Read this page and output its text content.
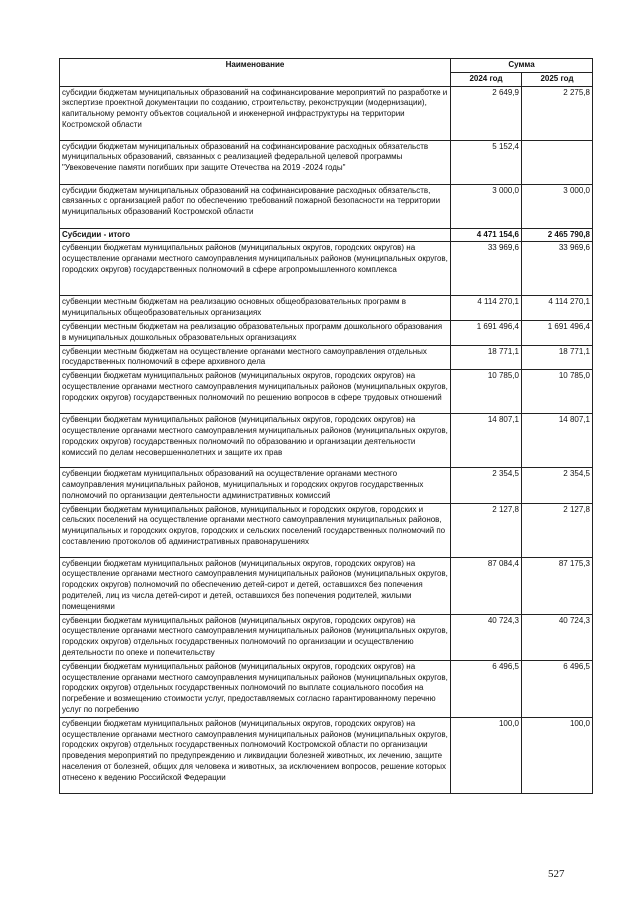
Наименование	Сумма	
	2024 год	2025 год
субсидии бюджетам муниципальных образований на софинансирование мероприятий по разработке и экспертизе проектной документации по созданию, строительству, реконструкции (модернизации), капитальному ремонту объектов социальной и инженерной инфраструктуры на территории Костромской области	2 649,9	2 275,8
субсидии бюджетам муниципальных образований на софинансирование расходных обязательств муниципальных образований, связанных с реализацией федеральной целевой программы "Увековечение памяти погибших при защите Отечества на 2019 -2024 годы"	5 152,4	
субсидии бюджетам муниципальных образований на софинансирование расходных обязательств, связанных с организацией работ по обеспечению требований пожарной безопасности на территории муниципальных образований Костромской области	3 000,0	3 000,0
Субсидии - итого	4 471 154,6	2 465 790,8
субвенции бюджетам муниципальных районов (муниципальных округов, городских округов) на осуществление органами местного самоуправления муниципальных районов (муниципальных округов, городских округов) государственных полномочий в сфере агропромышленного комплекса	33 969,6	33 969,6
субвенции местным бюджетам на реализацию основных общеобразовательных программ в муниципальных общеобразовательных организациях	4 114 270,1	4 114 270,1
субвенции местным бюджетам на реализацию образовательных программ дошкольного образования в муниципальных дошкольных образовательных организациях	1 691 496,4	1 691 496,4
субвенции местным бюджетам на осуществление органами местного самоуправления отдельных государственных полномочий в сфере архивного дела	18 771,1	18 771,1
субвенции бюджетам муниципальных районов (муниципальных округов, городских округов) на осуществление органами местного самоуправления муниципальных районов (муниципальных округов, городских округов) государственных полномочий по решению вопросов в сфере трудовых отношений	10 785,0	10 785,0
субвенции бюджетам муниципальных районов (муниципальных округов, городских округов) на осуществление органами местного самоуправления муниципальных районов (муниципальных округов, городских округов) государственных полномочий по образованию и организации деятельности комиссий по делам несовершеннолетних и защите их прав	14 807,1	14 807,1
субвенции бюджетам муниципальных образований на осуществление органами местного самоуправления муниципальных районов, муниципальных и городских округов государственных полномочий по организации деятельности административных комиссий	2 354,5	2 354,5
субвенции бюджетам муниципальных районов, муниципальных и городских округов, городских и сельских поселений на осуществление органами местного самоуправления муниципальных районов, муниципальных и городских округов, городских и сельских поселений государственных полномочий по составлению протоколов об административных правонарушениях	2 127,8	2 127,8
субвенции бюджетам муниципальных районов (муниципальных округов, городских округов) на осуществление органами местного самоуправления муниципальных районов (муниципальных округов, городских округов) полномочий по обеспечению детей-сирот и детей, оставшихся без попечения родителей, лиц из числа детей-сирот и детей, оставшихся без попечения родителей, жилыми помещениями	87 084,4	87 175,3
субвенции бюджетам муниципальных районов (муниципальных округов, городских округов) на осуществление органами местного самоуправления муниципальных районов (муниципальных округов, городских округов) отдельных государственных полномочий по организации и осуществлению деятельности по опеке и попечительству	40 724,3	40 724,3
субвенции бюджетам муниципальных районов (муниципальных округов, городских округов) на осуществление органами местного самоуправления муниципальных районов (муниципальных округов, городских округов) отдельных государственных полномочий по выплате социального пособия на погребение и возмещению стоимости услуг, предоставляемых согласно гарантированному перечню услуг по погребению	6 496,5	6 496,5
субвенции бюджетам муниципальных районов (муниципальных округов, городских округов) на осуществление органами местного самоуправления муниципальных районов (муниципальных округов, городских округов) отдельных государственных полномочий Костромской области по организации проведения мероприятий по предупреждению и ликвидации болезней животных, их лечению, защите населения от болезней, общих для человека и животных, за исключением вопросов, решение которых отнесено к ведению Российской Федерации	100,0	100,0
527
